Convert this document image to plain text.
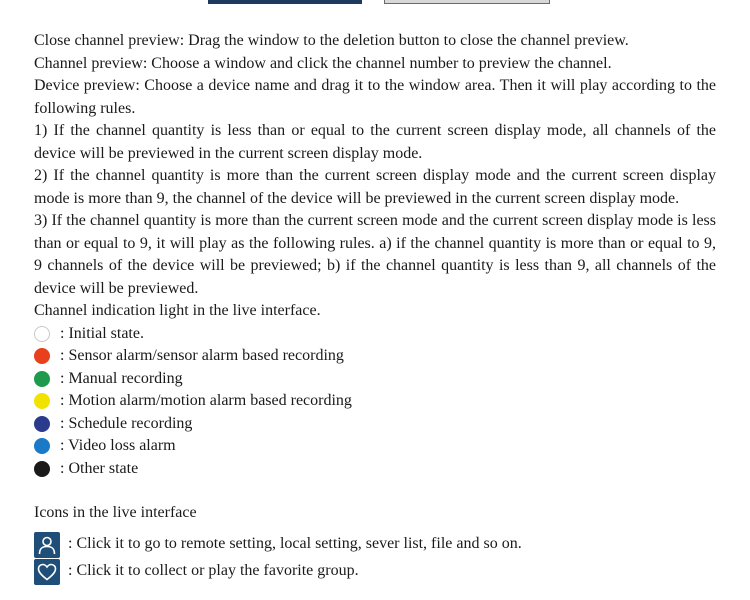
Close channel preview: Drag the window to the deletion button to close the channel preview.

Channel preview: Choose a window and click the channel number to preview the channel.

Device preview: Choose a device name and drag it to the window area. Then it will play according to the following rules.

1) If the channel quantity is less than or equal to the current screen display mode, all channels of the device will be previewed in the current screen display mode.

2) If the channel quantity is more than the current screen display mode and the current screen display mode is more than 9, the channel of the device will be previewed in the current screen display mode.

3) If the channel quantity is more than the current screen mode and the current screen display mode is less than or equal to 9, it will play as the following rules. a) if the channel quantity is more than or equal to 9, 9 channels of the device will be previewed; b) if the channel quantity is less than 9, all channels of the device will be previewed.

Channel indication light in the live interface.

: Initial state.
: Sensor alarm/sensor alarm based recording
: Manual recording
: Motion alarm/motion alarm based recording
: Schedule recording
: Video loss alarm
: Other state

Icons in the live interface

: Click it to go to remote setting, local setting, sever list, file and so on.
: Click it to collect or play the favorite group.
